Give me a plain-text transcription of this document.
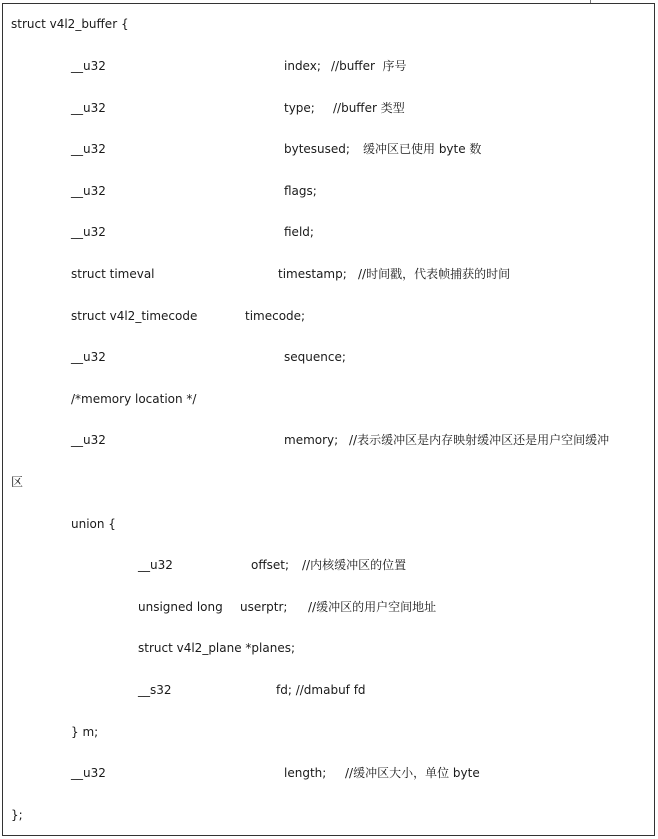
struct v4l2_buffer {
__u32	index; //buffer  序号
__u32	type; //buffer 类型
__u32	bytesused; 缓冲区已使用 byte 数
__u32	flags;
__u32	field;
struct timeval	timestamp; //时间戳，代表帧捕获的时间
struct v4l2_timecode	timecode;
__u32	sequence;
/*memory location */
__u32	memory; //表示缓冲区是内存映射缓冲区还是用户空间缓冲
区
union {
__u32	offset; //内核缓冲区的位置
unsigned long userptr; //缓冲区的用户空间地址
struct v4l2_plane *planes;
__s32	fd; //dmabuf fd
} m;
__u32	length; //缓冲区大小，单位 byte
};
